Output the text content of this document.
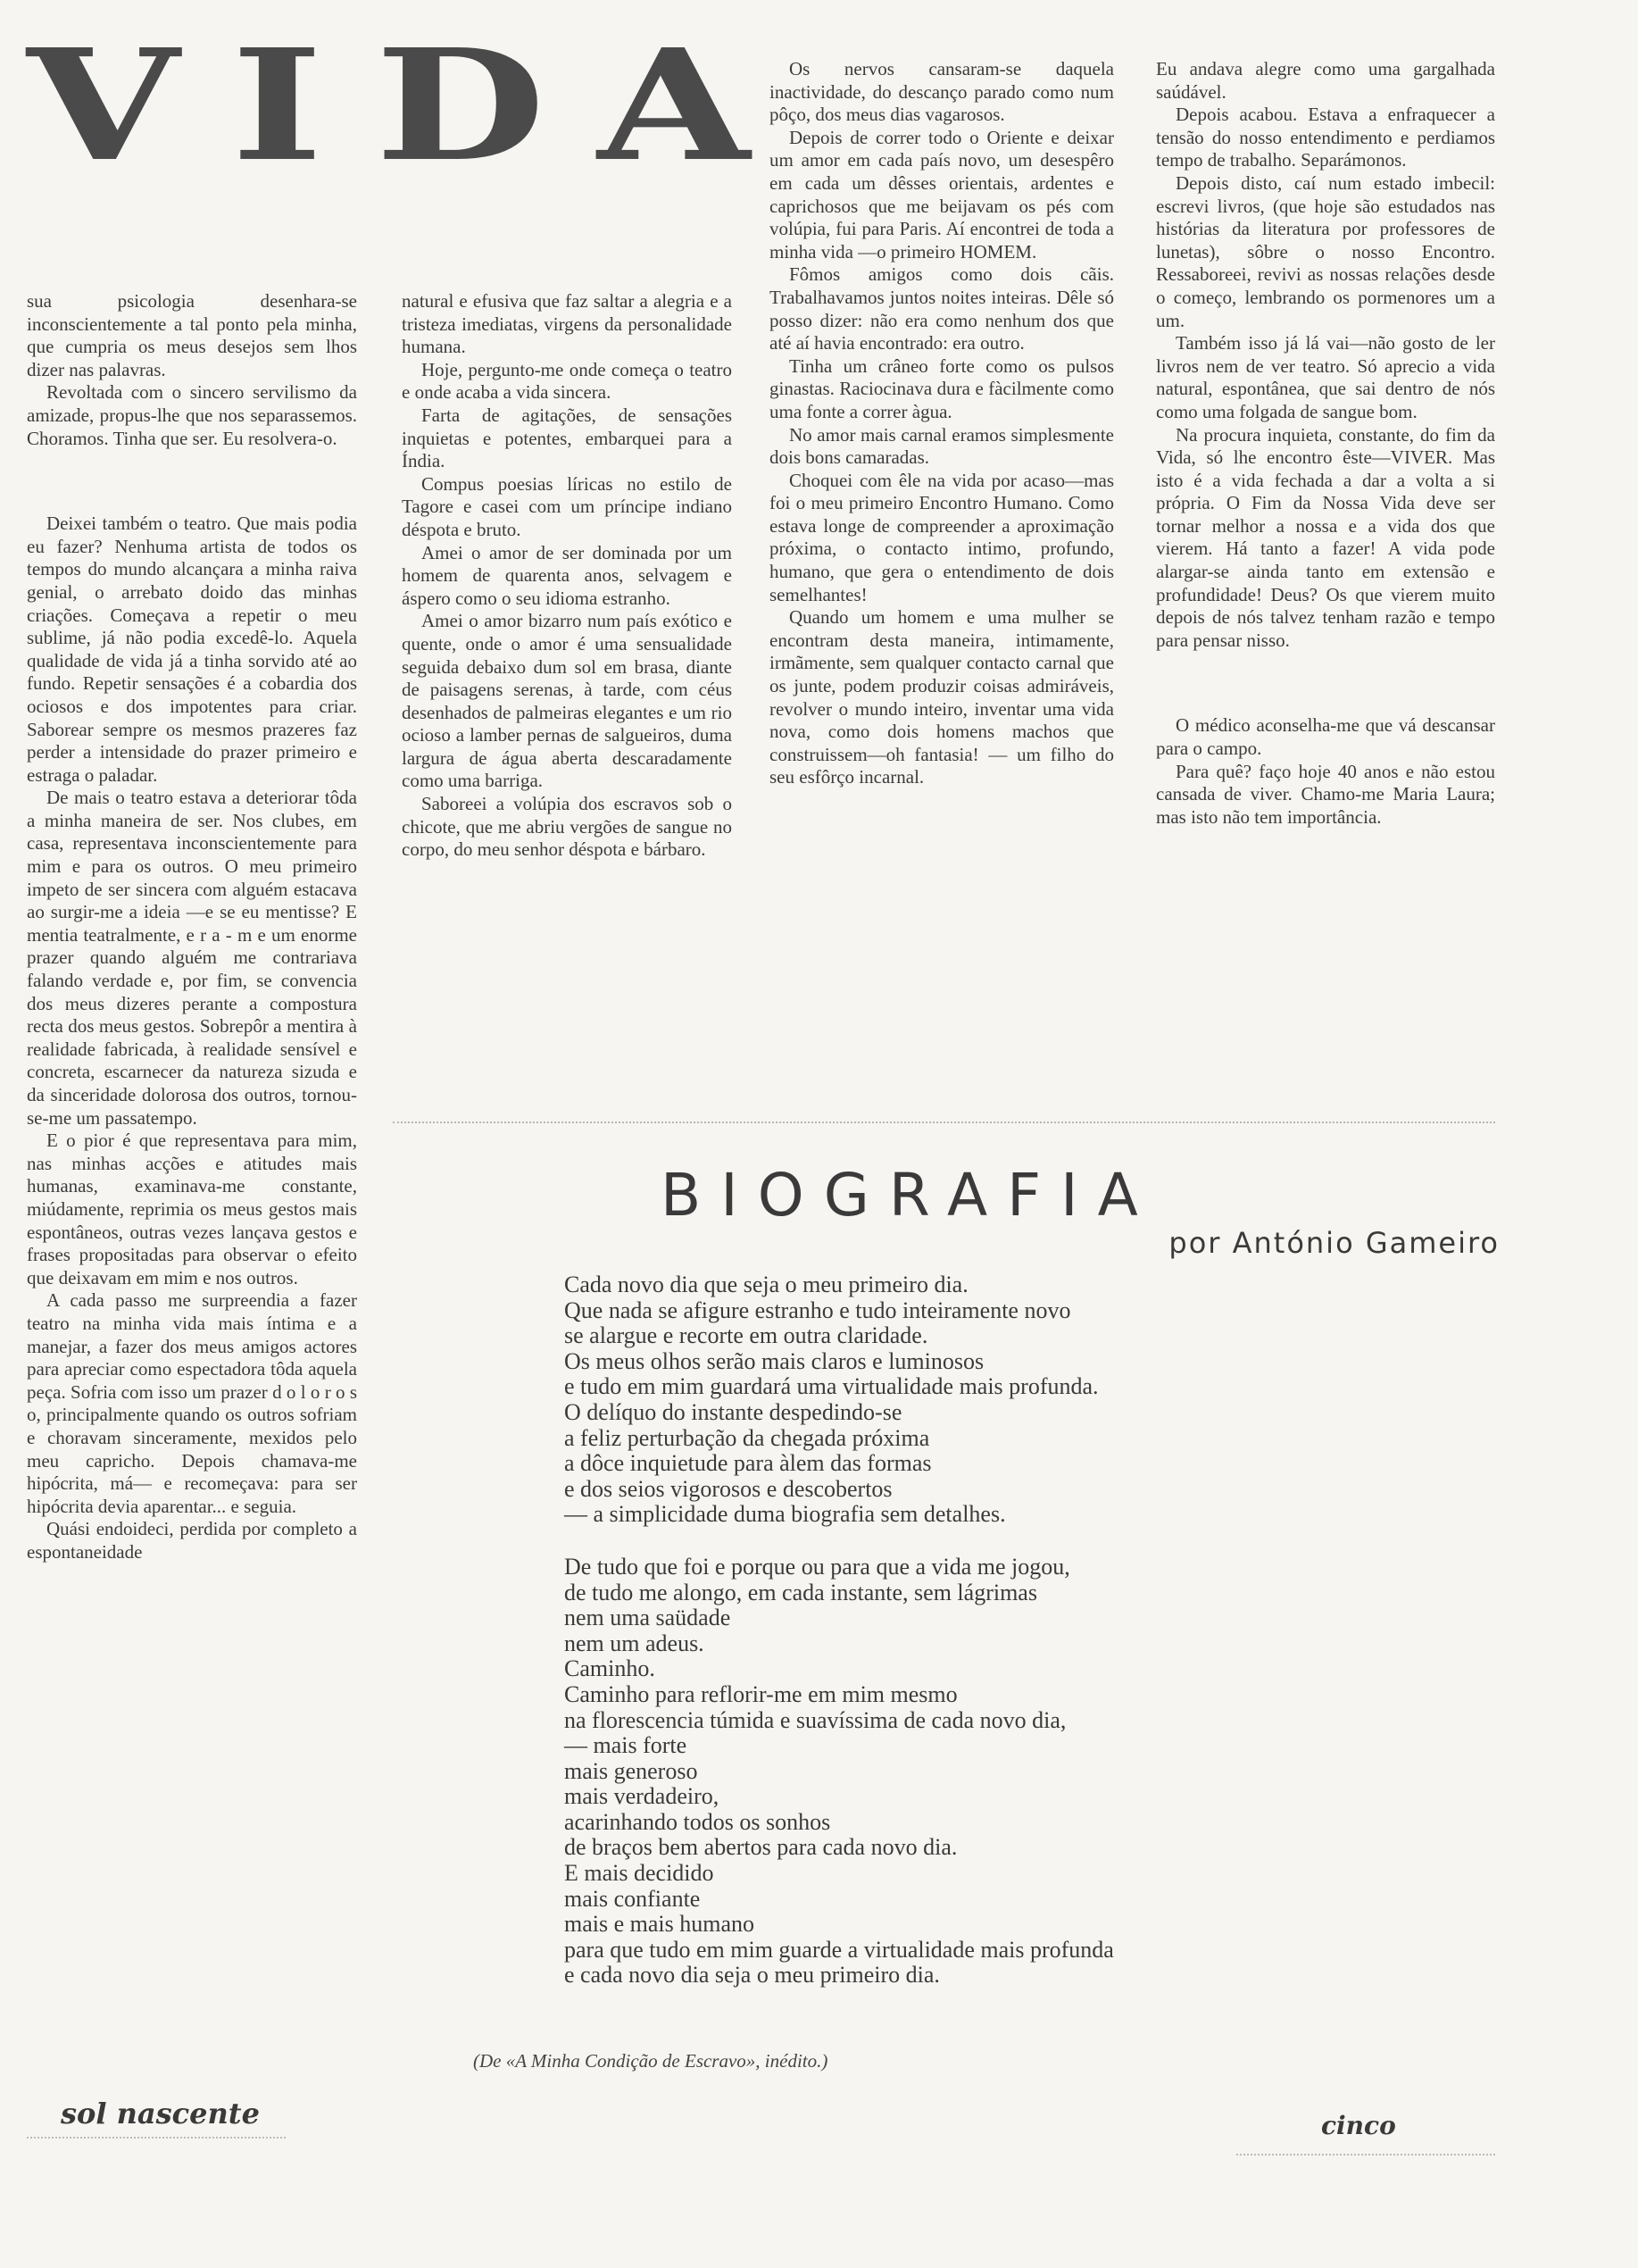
V I D A

sua psicologia desenhara-se inconscientemente a tal ponto pela minha, que cumpria os meus desejos sem lhos dizer nas palavras.

Revoltada com o sincero servilismo da amizade, propus-lhe que nos separassemos. Choramos. Tinha que ser. Eu resolvera-o.

Deixei também o teatro. Que mais podia eu fazer? Nenhuma artista de todos os tempos do mundo alcançara a minha raiva genial, o arrebato doido das minhas criações. Começava a repetir o meu sublime, já não podia excedê-lo. Aquela qualidade de vida já a tinha sorvido até ao fundo. Repetir sensações é a cobardia dos ociosos e dos impotentes para criar. Saborear sempre os mesmos prazeres faz perder a intensidade do prazer primeiro e estraga o paladar.

De mais o teatro estava a deteriorar tôda a minha maneira de ser. Nos clubes, em casa, representava inconscientemente para mim e para os outros. O meu primeiro impeto de ser sincera com alguém estacava ao surgir-me a ideia —e se eu mentisse? E mentia teatralmente, e r a - m e um enorme prazer quando alguém me contrariava falando verdade e, por fim, se convencia dos meus dizeres perante a compostura recta dos meus gestos. Sobrepôr a mentira à realidade fabricada, à realidade sensível e concreta, escarnecer da natureza sizuda e da sinceridade dolorosa dos outros, tornou-se-me um passatempo.

E o pior é que representava para mim, nas minhas acções e atitudes mais humanas, examinava-me constante, miúdamente, reprimia os meus gestos mais espontâneos, outras vezes lançava gestos e frases propositadas para observar o efeito que deixavam em mim e nos outros.

A cada passo me surpreendia a fazer teatro na minha vida mais íntima e a manejar, a fazer dos meus amigos actores para apreciar como espectadora tôda aquela peça. Sofria com isso um prazer d o l o r o s o, principalmente quando os outros sofriam e choravam sinceramente, mexidos pelo meu capricho. Depois chamava-me hipócrita, má— e recomeçava: para ser hipócrita devia aparentar... e seguia.

Quási endoideci, perdida por completo a espontaneidade

natural e efusiva que faz saltar a alegria e a tristeza imediatas, virgens da personalidade humana.

Hoje, pergunto-me onde começa o teatro e onde acaba a vida sincera.

Farta de agitações, de sensações inquietas e potentes, embarquei para a Índia.

Compus poesias líricas no estilo de Tagore e casei com um príncipe indiano déspota e bruto.

Amei o amor de ser dominada por um homem de quarenta anos, selvagem e áspero como o seu idioma estranho.

Amei o amor bizarro num país exótico e quente, onde o amor é uma sensualidade seguida debaixo dum sol em brasa, diante de paisagens serenas, à tarde, com céus desenhados de palmeiras elegantes e um rio ocioso a lamber pernas de salgueiros, duma largura de água aberta descaradamente como uma barriga.

Saboreei a volúpia dos escravos sob o chicote, que me abriu vergões de sangue no corpo, do meu senhor déspota e bárbaro.

Os nervos cansaram-se daquela inactividade, do descanço parado como num pôço, dos meus dias vagarosos.

Depois de correr todo o Oriente e deixar um amor em cada país novo, um desespêro em cada um dêsses orientais, ardentes e caprichosos que me beijavam os pés com volúpia, fui para Paris. Aí encontrei de toda a minha vida —o primeiro HOMEM.

Fômos amigos como dois cãis. Trabalhavamos juntos noites inteiras. Dêle só posso dizer: não era como nenhum dos que até aí havia encontrado: era outro.

Tinha um crâneo forte como os pulsos ginastas. Raciocinava dura e fàcilmente como uma fonte a correr àgua.

No amor mais carnal eramos simplesmente dois bons camaradas.

Choquei com êle na vida por acaso—mas foi o meu primeiro Encontro Humano. Como estava longe de compreender a aproximação próxima, o contacto intimo, profundo, humano, que gera o entendimento de dois semelhantes!

Quando um homem e uma mulher se encontram desta maneira, intimamente, irmãmente, sem qualquer contacto carnal que os junte, podem produzir coisas admiráveis, revolver o mundo inteiro, inventar uma vida nova, como dois homens machos que construissem—oh fantasia! — um filho do seu esfôrço incarnal.

Eu andava alegre como uma gargalhada saúdável.

Depois acabou. Estava a enfraquecer a tensão do nosso entendimento e perdiamos tempo de trabalho. Separámonos.

Depois disto, caí num estado imbecil: escrevi livros, (que hoje são estudados nas histórias da literatura por professores de lunetas), sôbre o nosso Encontro. Ressaboreei, revivi as nossas relações desde o começo, lembrando os pormenores um a um.

Também isso já lá vai—não gosto de ler livros nem de ver teatro. Só aprecio a vida natural, espontânea, que sai dentro de nós como uma folgada de sangue bom.

Na procura inquieta, constante, do fim da Vida, só lhe encontro êste—VIVER. Mas isto é a vida fechada a dar a volta a si própria. O Fim da Nossa Vida deve ser tornar melhor a nossa e a vida dos que vierem. Há tanto a fazer! A vida pode alargar-se ainda tanto em extensão e profundidade! Deus? Os que vierem muito depois de nós talvez tenham razão e tempo para pensar nisso.

O médico aconselha-me que vá descansar para o campo.

Para quê? faço hoje 40 anos e não estou cansada de viver. Chamo-me Maria Laura; mas isto não tem importância.

BIOGRAFIA
por António Gameiro
Cada novo dia que seja o meu primeiro dia.
Que nada se afigure estranho e tudo inteiramente novo
se alargue e recorte em outra claridade.
Os meus olhos serão mais claros e luminosos
e tudo em mim guardará uma virtualidade mais profunda.
O delíquo do instante despedindo-se
a feliz perturbação da chegada próxima
a dôce inquietude para àlem das formas
e dos seios vigorosos e descobertos
— a simplicidade duma biografia sem detalhes.
De tudo que foi e porque ou para que a vida me jogou,
de tudo me alongo, em cada instante, sem lágrimas
nem uma saüdade
nem um adeus.
Caminho.
Caminho para reflorir-me em mim mesmo
na florescencia túmida e suavíssima de cada novo dia,
— mais forte
mais generoso
mais verdadeiro,
acarinhando todos os sonhos
de braços bem abertos para cada novo dia.
E mais decidido
mais confiante
mais e mais humano
para que tudo em mim guarde a virtualidade mais profunda
e cada novo dia seja o meu primeiro dia.
(De «A Minha Condição de Escravo», inédito.)
sol nascente	cinco
